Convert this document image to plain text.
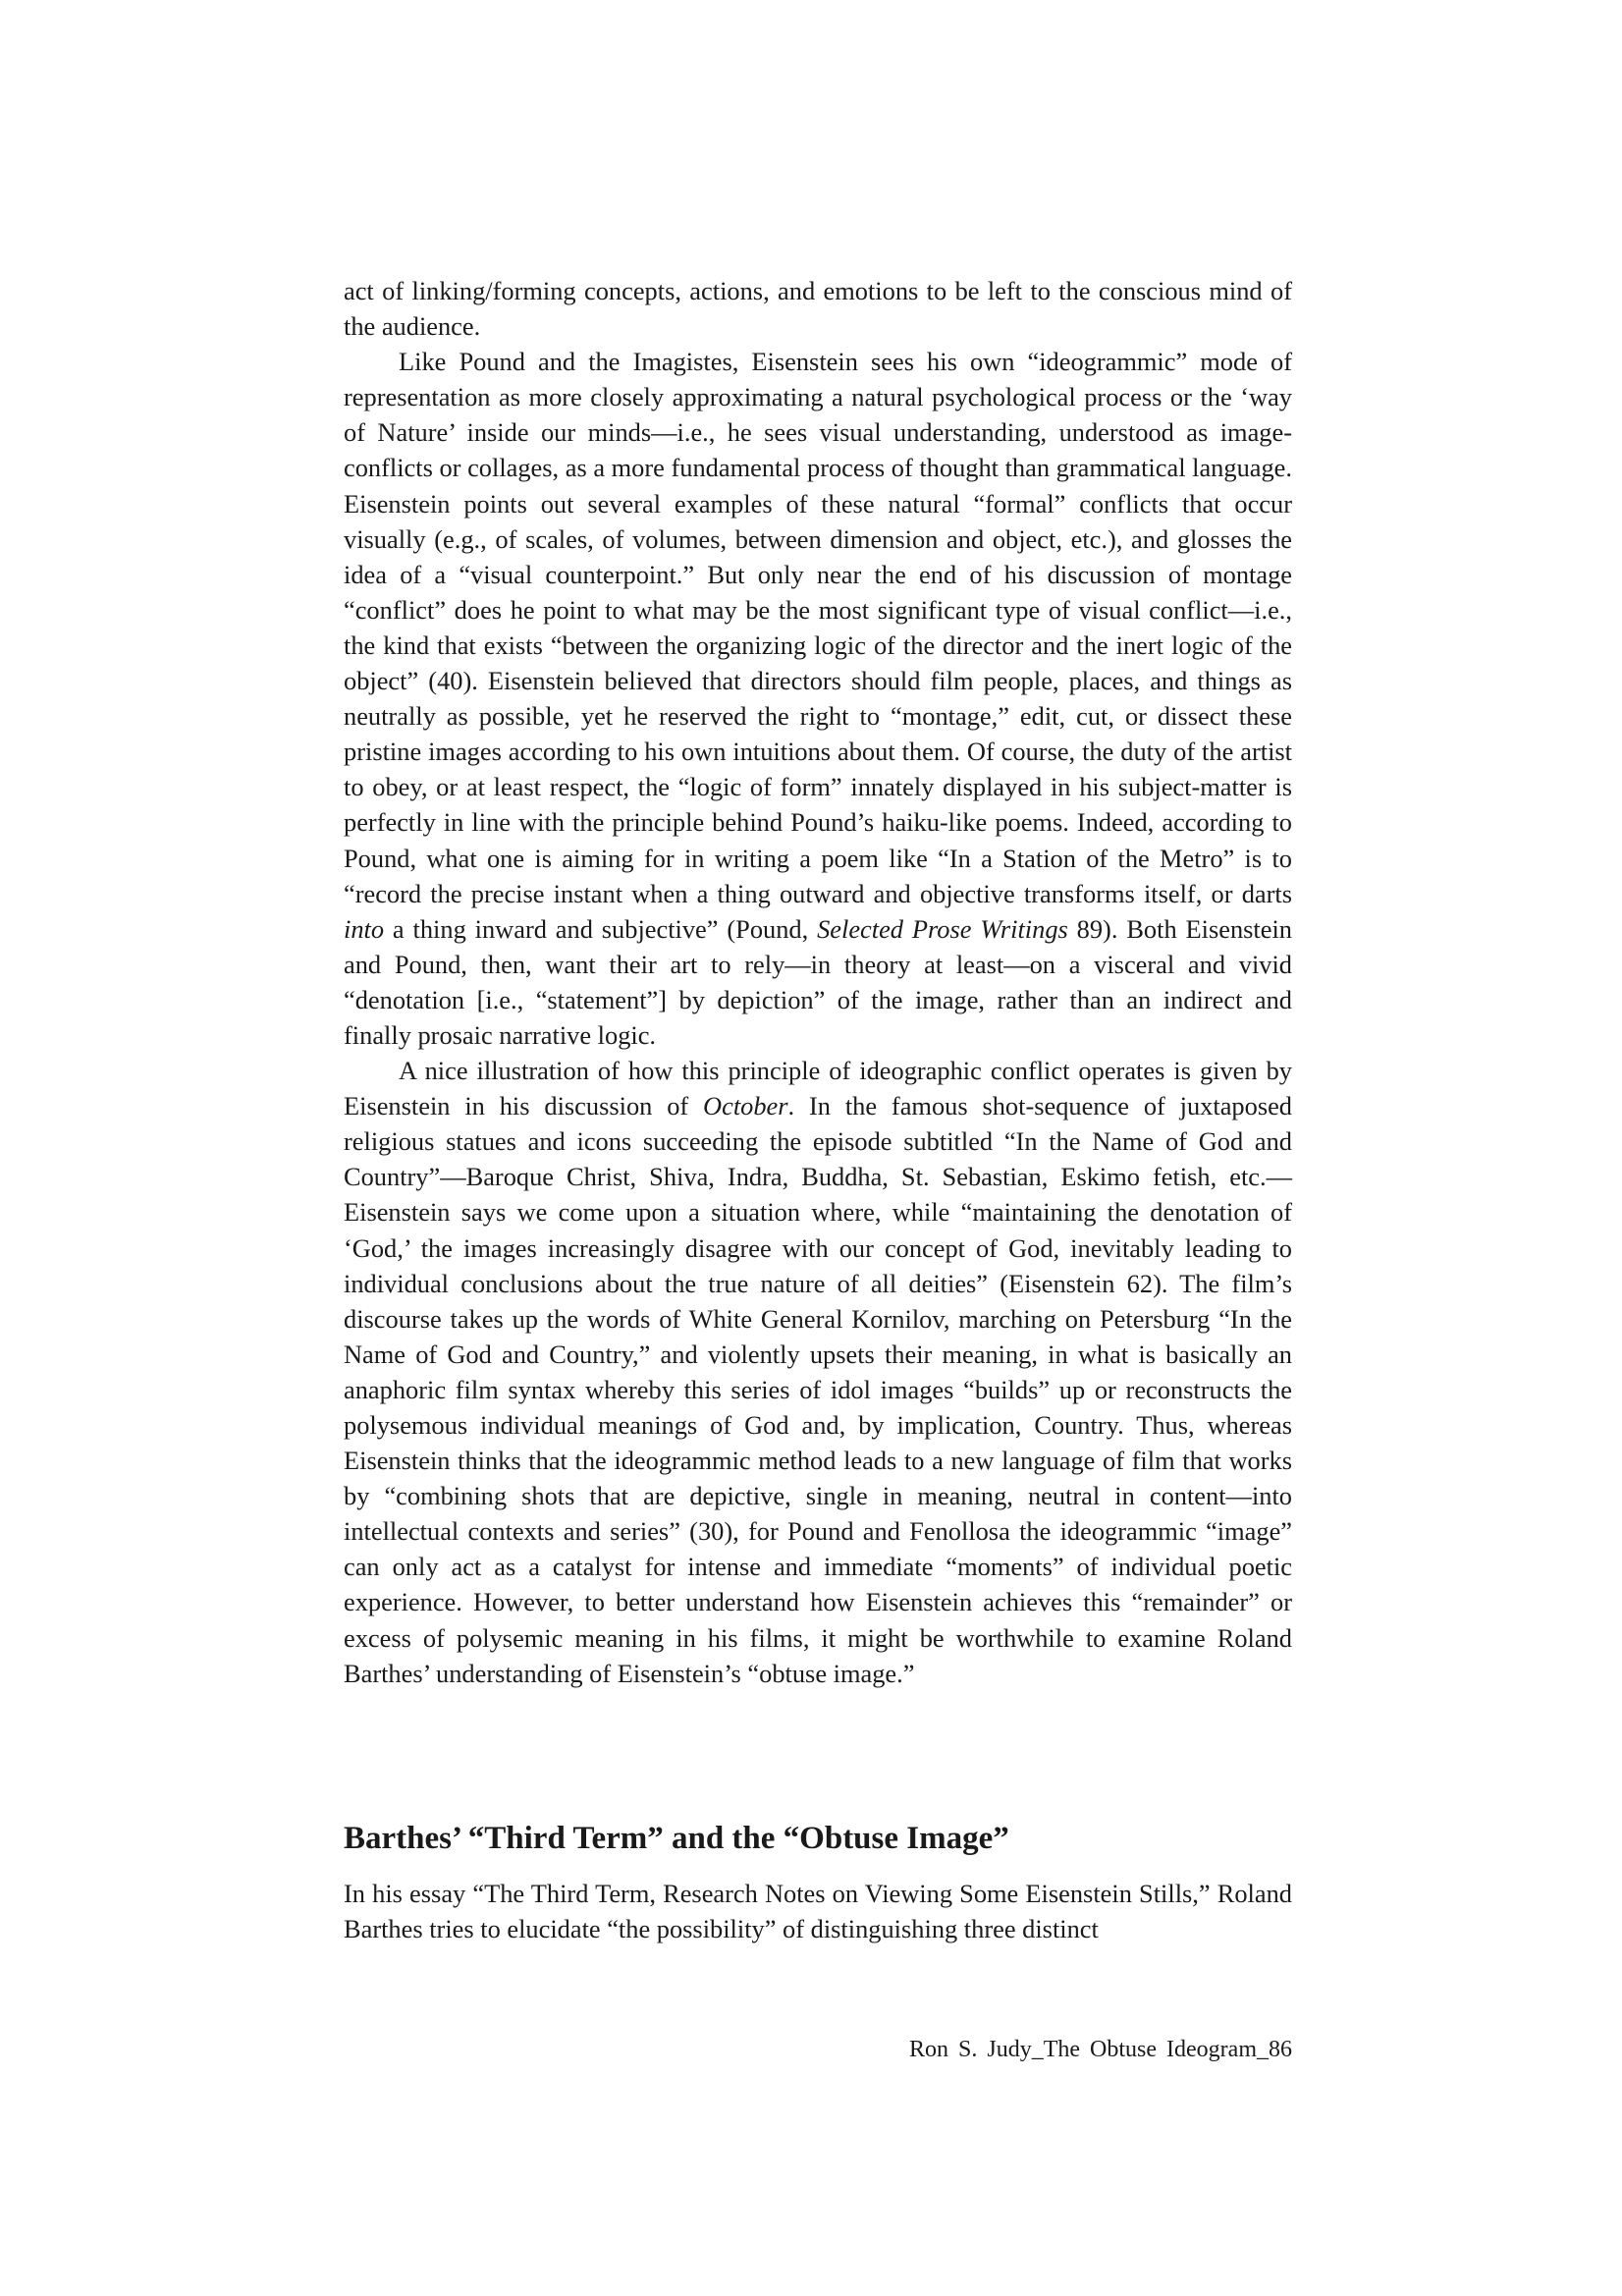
act of linking/forming concepts, actions, and emotions to be left to the conscious mind of the audience.

Like Pound and the Imagistes, Eisenstein sees his own “ideogrammic” mode of representation as more closely approximating a natural psychological process or the ‘way of Nature’ inside our minds—i.e., he sees visual understanding, understood as image-conflicts or collages, as a more fundamental process of thought than grammatical language. Eisenstein points out several examples of these natural “formal” conflicts that occur visually (e.g., of scales, of volumes, between dimension and object, etc.), and glosses the idea of a “visual counterpoint.” But only near the end of his discussion of montage “conflict” does he point to what may be the most significant type of visual conflict—i.e., the kind that exists “between the organizing logic of the director and the inert logic of the object” (40). Eisenstein believed that directors should film people, places, and things as neutrally as possible, yet he reserved the right to “montage,” edit, cut, or dissect these pristine images according to his own intuitions about them. Of course, the duty of the artist to obey, or at least respect, the “logic of form” innately displayed in his subject-matter is perfectly in line with the principle behind Pound’s haiku-like poems. Indeed, according to Pound, what one is aiming for in writing a poem like “In a Station of the Metro” is to “record the precise instant when a thing outward and objective transforms itself, or darts into a thing inward and subjective” (Pound, Selected Prose Writings 89). Both Eisenstein and Pound, then, want their art to rely—in theory at least—on a visceral and vivid “denotation [i.e., “statement”] by depiction” of the image, rather than an indirect and finally prosaic narrative logic.

A nice illustration of how this principle of ideographic conflict operates is given by Eisenstein in his discussion of October. In the famous shot-sequence of juxtaposed religious statues and icons succeeding the episode subtitled “In the Name of God and Country”—Baroque Christ, Shiva, Indra, Buddha, St. Sebastian, Eskimo fetish, etc.—Eisenstein says we come upon a situation where, while “maintaining the denotation of ‘God,’ the images increasingly disagree with our concept of God, inevitably leading to individual conclusions about the true nature of all deities” (Eisenstein 62). The film’s discourse takes up the words of White General Kornilov, marching on Petersburg “In the Name of God and Country,” and violently upsets their meaning, in what is basically an anaphoric film syntax whereby this series of idol images “builds” up or reconstructs the polysemous individual meanings of God and, by implication, Country. Thus, whereas Eisenstein thinks that the ideogrammic method leads to a new language of film that works by “combining shots that are depictive, single in meaning, neutral in content—into intellectual contexts and series” (30), for Pound and Fenollosa the ideogrammic “image” can only act as a catalyst for intense and immediate “moments” of individual poetic experience. However, to better understand how Eisenstein achieves this “remainder” or excess of polysemic meaning in his films, it might be worthwhile to examine Roland Barthes’ understanding of Eisenstein’s “obtuse image.”

Barthes’ “Third Term” and the “Obtuse Image”

In his essay “The Third Term, Research Notes on Viewing Some Eisenstein Stills,” Roland Barthes tries to elucidate “the possibility” of distinguishing three distinct

Ron S. Judy_The Obtuse Ideogram_86
